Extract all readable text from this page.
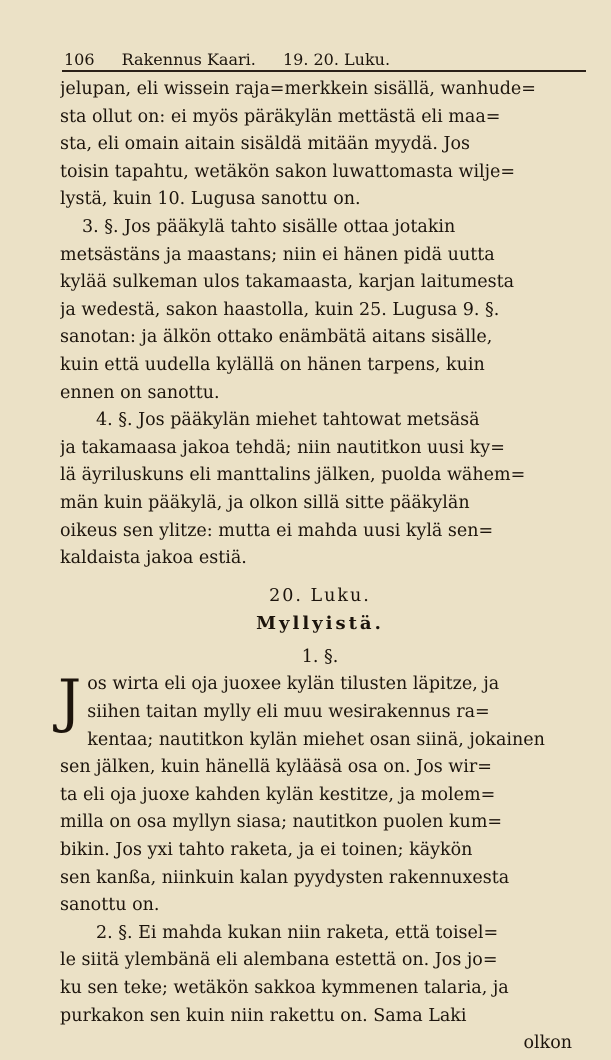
106 Rakennus Kaari. 19. 20. Luku.
jelupan, eli wissein raja=merkkein sisällä, wanhude=
sta ollut on: ei myös päräkylän mettästä eli maa=
sta, eli omain aitain sisäldä mitään myydä. Jos
toisin tapahtu, wetäkön sakon luwattomasta wilje=
lystä, kuin 10. Lugusa sanottu on.
3. §. Jos pääkylä tahto sisälle ottaa jotakin
metsästäns ja maastans; niin ei hänen pidä uutta
kylää sulkeman ulos takamaasta, karjan laitumesta
ja wedestä, sakon haastolla, kuin 25. Lugusa 9. §.
sanotan: ja älkön ottako enämbätä aitans sisälle,
kuin että uudella kylällä on hänen tarpens, kuin
ennen on sanottu.
4. §. Jos pääkylän miehet tahtowat metsäsä
ja takamaasa jakoa tehdä; niin nautitkon uusi ky=
lä äyriluskuns eli manttalins jälken, puolda wähem=
män kuin pääkylä, ja olkon sillä sitte pääkylän
oikeus sen ylitze: mutta ei mahda uusi kylä sen=
kaldaista jakoa estiä.
20. Luku.
Myllyistä.
1. §.
J os wirta eli oja juoxee kylän tilusten läpitze, ja
siihen taitan mylly eli muu wesirakennus ra=
kentaa; nautitkon kylän miehet osan siinä, jokainen
sen jälken, kuin hänellä kylääsä osa on. Jos wir=
ta eli oja juoxe kahden kylän kestitze, ja molem=
milla on osa myllyn siasa; nautitkon puolen kum=
bikin. Jos yxi tahto raketa, ja ei toinen; käykön
sen kanßa, niinkuin kalan pyydysten rakennuxesta
sanottu on.
2. §. Ei mahda kukan niin raketa, että toisel=
le siitä ylembänä eli alembana estettä on. Jos jo=
ku sen teke; wetäkön sakkoa kymmenen talaria, ja
purkakon sen kuin niin rakettu on. Sama Laki
olkon
